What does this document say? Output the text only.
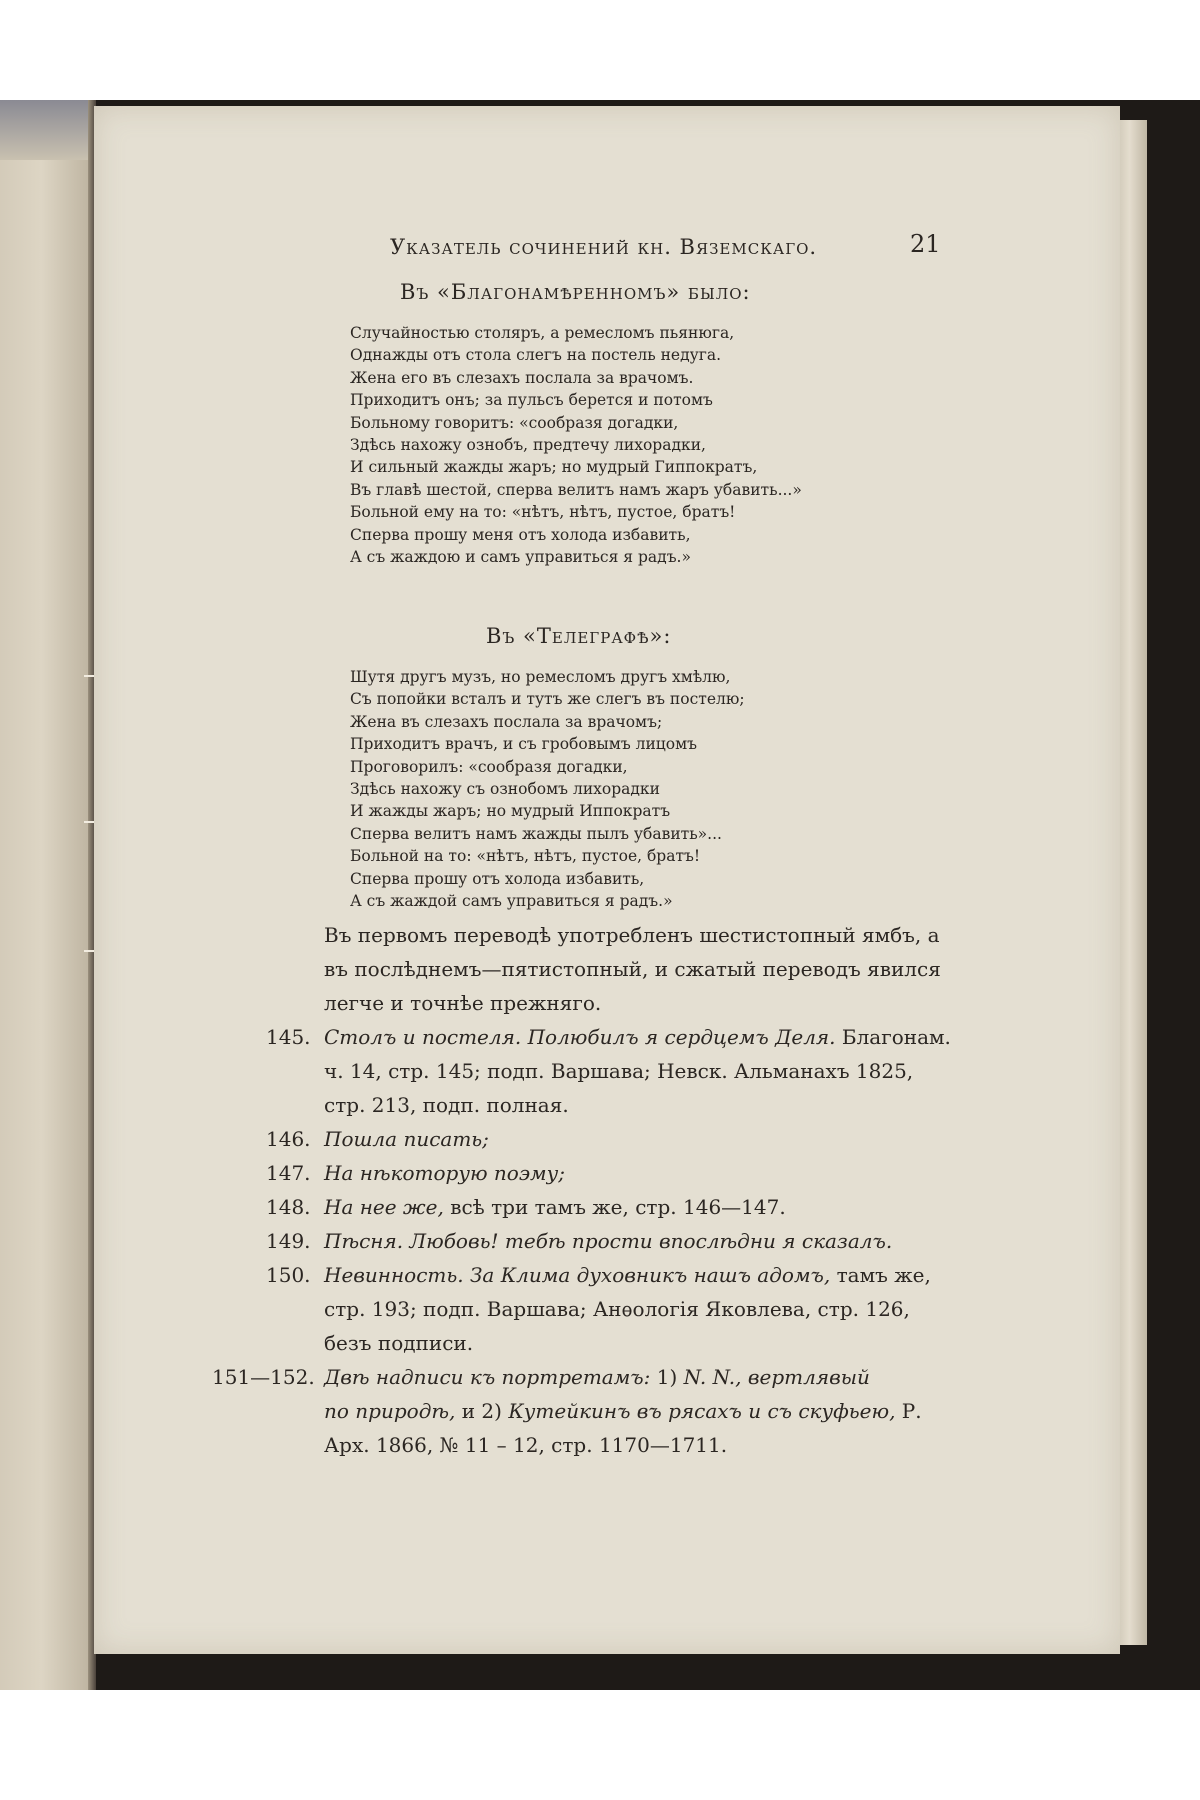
Указатель сочинений кн. Вяземскаго.	21
Въ «Благонамѣренномъ» было:
Случайностью столяръ, а ремесломъ пьянюга,
Однажды отъ стола слегъ на постель недуга.
Жена его въ слезахъ послала за врачомъ.
Приходитъ онъ; за пульсъ берется и потомъ
Больному говоритъ: «сообразя догадки,
Здѣсь нахожу ознобъ, предтечу лихорадки,
И сильный жажды жаръ; но мудрый Гиппократъ,
Въ главѣ шестой, сперва велитъ намъ жаръ убавить...»
Больной ему на то: «нѣтъ, нѣтъ, пустое, братъ!
Сперва прошу меня отъ холода избавить,
А съ жаждою и самъ управиться я радъ.»
Въ «Телеграфѣ»:
Шутя другъ музъ, но ремесломъ другъ хмѣлю,
Съ попойки всталъ и тутъ же слегъ въ постелю;
Жена въ слезахъ послала за врачомъ;
Приходитъ врачъ, и съ гробовымъ лицомъ
Проговорилъ: «сообразя догадки,
Здѣсь нахожу съ ознобомъ лихорадки
И жажды жаръ; но мудрый Иппократъ
Сперва велитъ намъ жажды пылъ убавить»...
Больной на то: «нѣтъ, нѣтъ, пустое, братъ!
Сперва прошу отъ холода избавить,
А съ жаждой самъ управиться я радъ.»
Въ первомъ переводѣ употребленъ шестистопный ямбъ, а
въ послѣднемъ—пятистопный, и сжатый переводъ явился
легче и точнѣе прежняго.
145. Столъ и постеля. Полюбилъ я сердцемъ Деля. Благонам.
ч. 14, стр. 145; подп. Варшава; Невск. Альманахъ 1825,
стр. 213, подп. полная.
146. Пошла писать;
147. На нѣкоторую поэму;
148. На нее же, всѣ три тамъ же, стр. 146—147.
149. Пѣсня. Любовь! тебѣ прости впослѣдни я сказалъ.
150. Невинность. За Клима духовникъ нашъ адомъ, тамъ же,
стр. 193; подп. Варшава; Анѳологія Яковлева, стр. 126,
безъ подписи.
151—152. Двѣ надписи къ портретамъ: 1) N. N., вертлявый
по природѣ, и 2) Кутейкинъ въ рясахъ и съ скуфьею, Р.
Арх. 1866, № 11 – 12, стр. 1170—1711.
